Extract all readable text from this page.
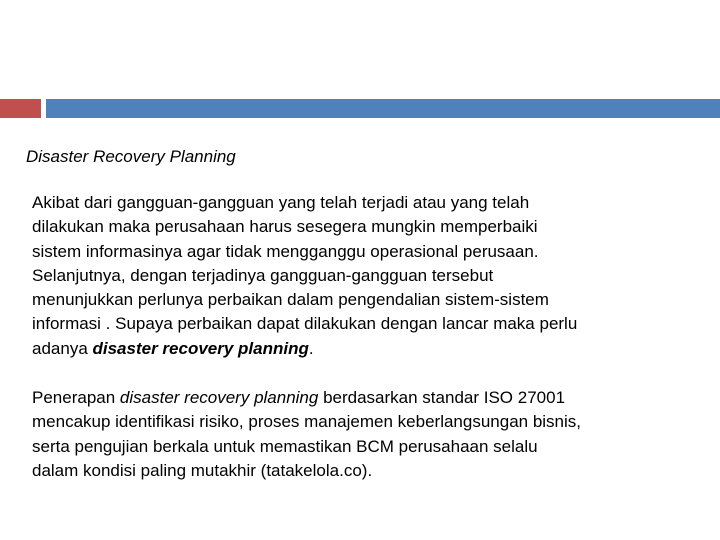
Disaster Recovery Planning
Akibat dari gangguan-gangguan yang telah terjadi atau yang telah
dilakukan maka perusahaan harus sesegera mungkin memperbaiki
sistem informasinya agar tidak mengganggu operasional perusaan.
Selanjutnya, dengan terjadinya gangguan-gangguan tersebut
menunjukkan perlunya perbaikan dalam pengendalian sistem-sistem
informasi . Supaya perbaikan dapat dilakukan dengan lancar maka perlu
adanya disaster recovery planning.
Penerapan disaster recovery planning berdasarkan standar ISO 27001
mencakup identifikasi risiko, proses manajemen keberlangsungan bisnis,
serta pengujian berkala untuk memastikan BCM perusahaan selalu
dalam kondisi paling mutakhir (tatakelola.co).
